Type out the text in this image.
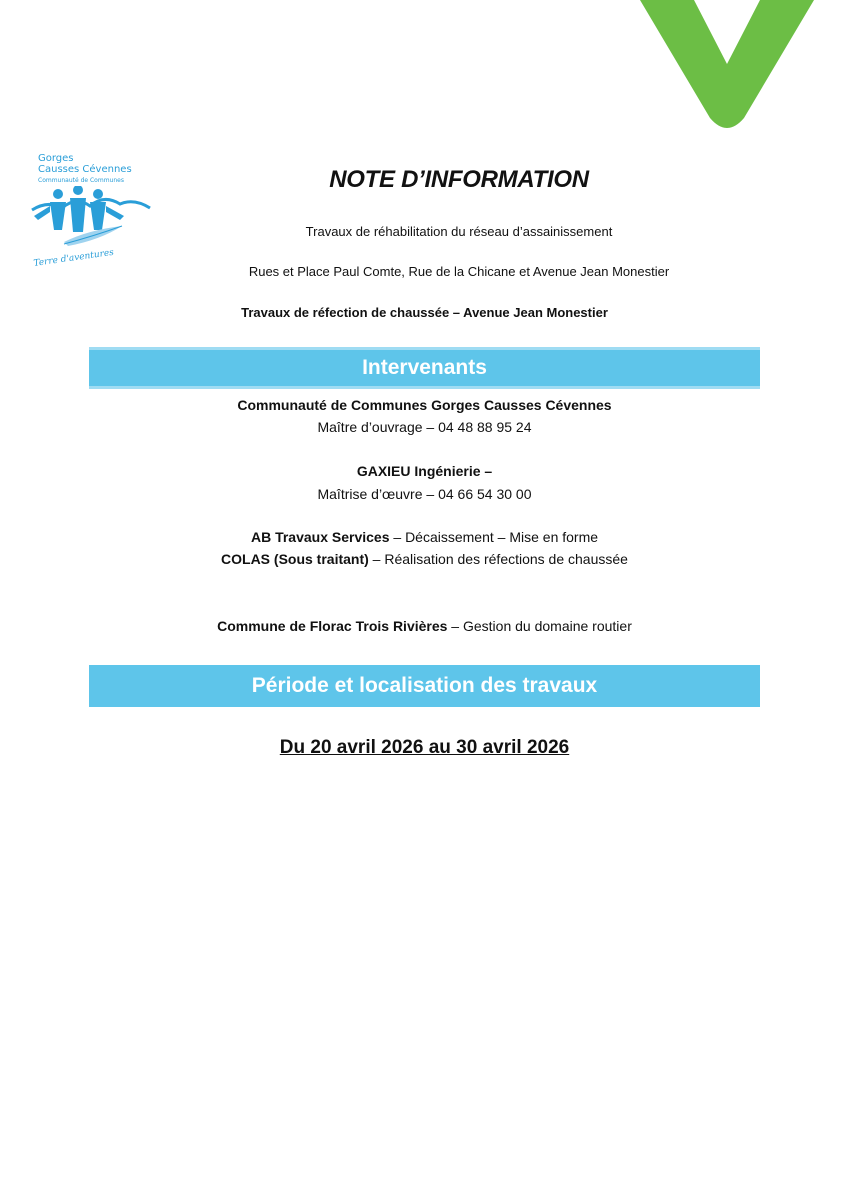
Gorges
Causses Cévennes
Communauté de Communes
Terre d'aventures
NOTE D’INFORMATION
Travaux de réhabilitation du réseau d’assainissement
Rues et Place Paul Comte, Rue de la Chicane et Avenue Jean Monestier
Travaux de réfection de chaussée – Avenue Jean Monestier
Intervenants
Communauté de Communes Gorges Causses Cévennes
Maître d’ouvrage – 04 48 88 95 24
GAXIEU Ingénierie –
Maîtrise d’œuvre – 04 66 54 30 00
AB Travaux Services – Décaissement – Mise en forme
COLAS (Sous traitant) – Réalisation des réfections de chaussée
Commune de Florac Trois Rivières – Gestion du domaine routier
Période et localisation des travaux
Du 20 avril 2026 au 30 avril 2026
